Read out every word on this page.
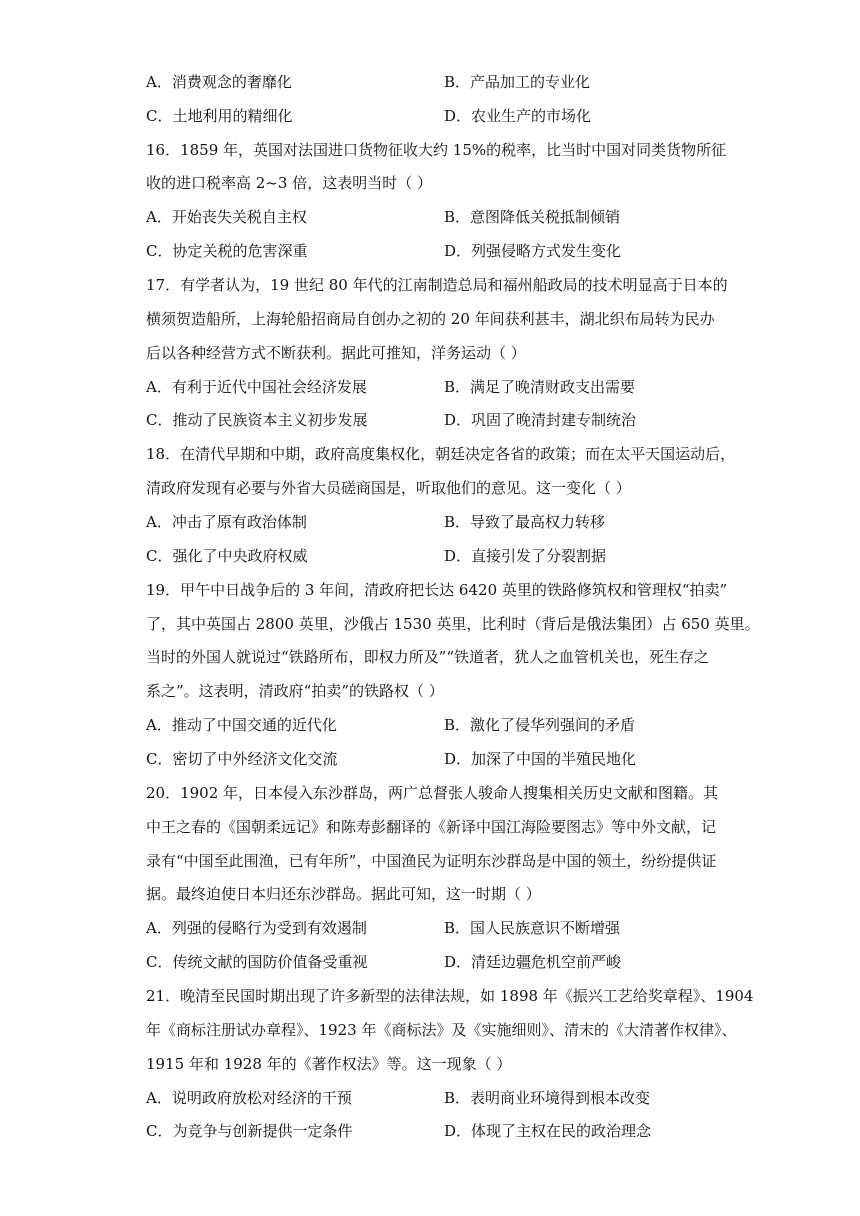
A．消费观念的奢靡化	B．产品加工的专业化
C．土地利用的精细化	D．农业生产的市场化
16．1859 年，英国对法国进口货物征收大约 15%的税率，比当时中国对同类货物所征
收的进口税率高 2~3 倍，这表明当时（ ）
A．开始丧失关税自主权	B．意图降低关税抵制倾销
C．协定关税的危害深重	D．列强侵略方式发生变化
17．有学者认为，19 世纪 80 年代的江南制造总局和福州船政局的技术明显高于日本的
横须贺造船所，上海轮船招商局自创办之初的 20 年间获利甚丰，湖北织布局转为民办
后以各种经营方式不断获利。据此可推知，洋务运动（ ）
A．有利于近代中国社会经济发展	B．满足了晚清财政支出需要
C．推动了民族资本主义初步发展	D．巩固了晚清封建专制统治
18．在清代早期和中期，政府高度集权化，朝廷决定各省的政策；而在太平天国运动后，
清政府发现有必要与外省大员磋商国是，听取他们的意见。这一变化（ ）
A．冲击了原有政治体制	B．导致了最高权力转移
C．强化了中央政府权威	D．直接引发了分裂割据
19．甲午中日战争后的 3 年间，清政府把长达 6420 英里的铁路修筑权和管理权“拍卖”
了，其中英国占 2800 英里，沙俄占 1530 英里，比利时（背后是俄法集团）占 650 英里。
当时的外国人就说过“铁路所布，即权力所及”“铁道者，犹人之血管机关也，死生存之
系之”。这表明，清政府“拍卖”的铁路权（ ）
A．推动了中国交通的近代化	B．激化了侵华列强间的矛盾
C．密切了中外经济文化交流	D．加深了中国的半殖民地化
20．1902 年，日本侵入东沙群岛，两广总督张人骏命人搜集相关历史文献和图籍。其
中王之春的《国朝柔远记》和陈寿彭翻译的《新译中国江海险要图志》等中外文献，记
录有“中国至此围渔，已有年所”，中国渔民为证明东沙群岛是中国的领土，纷纷提供证
据。最终迫使日本归还东沙群岛。据此可知，这一时期（ ）
A．列强的侵略行为受到有效遏制	B．国人民族意识不断增强
C．传统文献的国防价值备受重视	D．清廷边疆危机空前严峻
21．晚清至民国时期出现了许多新型的法律法规，如 1898 年《振兴工艺给奖章程》、1904
年《商标注册试办章程》、1923 年《商标法》及《实施细则》、清末的《大清著作权律》、
1915 年和 1928 年的《著作权法》等。这一现象（ ）
A．说明政府放松对经济的干预	B．表明商业环境得到根本改变
C．为竞争与创新提供一定条件	D．体现了主权在民的政治理念
